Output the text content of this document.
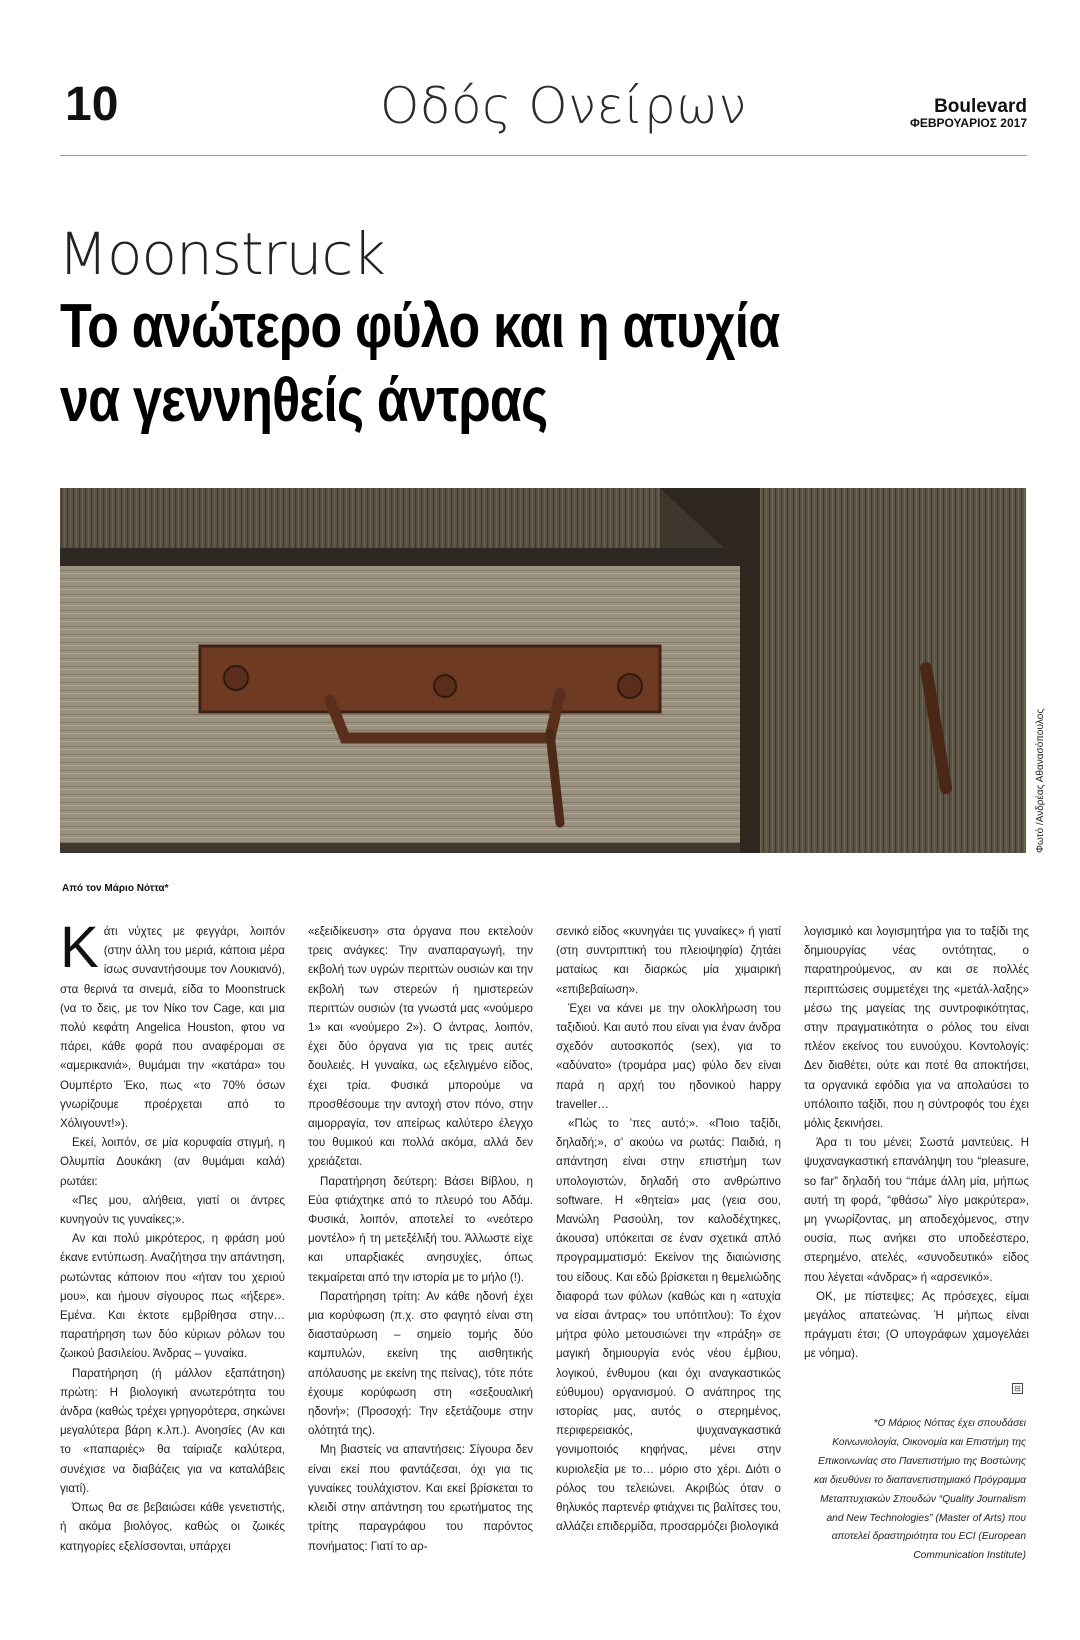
10	Οδός Ονείρων	Boulevard
ΦΕΒΡΟΥΑΡΙΟΣ 2017
Moonstruck
Το ανώτερο φύλο και η ατυχία να γεννηθείς άντρας
Φωτό /Ανδρέας Αθανασόπουλος
Από τον Μάριο Νόττα*

Κάτι νύχτες με φεγγάρι, λοιπόν (στην άλλη του μεριά, κάποια μέρα ίσως συναντήσουμε τον Λουκιανό), στα θερινά τα σινεμά, είδα το Moonstruck (να το δεις, με τον Νίκο τον Cage, και μια πολύ κεφάτη Angelica Houston, φτου να πάρει, κάθε φορά που αναφέρομαι σε «αμερικανιά», θυμάμαι την «κατάρα» του Ουμπέρτο Έκο, πως «το 70% όσων γνωρίζουμε προέρχεται από το Χόλιγουντ!»).

Εκεί, λοιπόν, σε μία κορυφαία στιγμή, η Ολυμπία Δουκάκη (αν θυμάμαι καλά) ρωτάει:

«Πες μου, αλήθεια, γιατί οι άντρες κυνηγούν τις γυναίκες;».

Αν και πολύ μικρότερος, η φράση μού έκανε εντύπωση. Αναζήτησα την απάντηση, ρωτώντας κάποιον που «ήταν του χεριού μου», και ήμουν σίγουρος πως «ήξερε». Εμένα. Και έκτοτε εμβρίθησα στην… παρατήρηση των δύο κύριων ρόλων του ζωικού βασιλείου. Άνδρας – γυναίκα.

Παρατήρηση (ή μάλλον εξαπάτηση) πρώτη: Η βιολογική ανωτερότητα του άνδρα (καθώς τρέχει γρηγορότερα, σηκώνει μεγαλύτερα βάρη κ.λπ.). Ανοησίες (Αν και το «παπαριές» θα ταίριαζε καλύτερα, συνέχισε να διαβάζεις για να καταλάβεις γιατί).

Όπως θα σε βεβαιώσει κάθε γενετιστής, ή ακόμα βιολόγος, καθώς οι ζωικές κατηγορίες εξελίσσονται, υπάρχει

«εξειδίκευση» στα όργανα που εκτελούν τρεις ανάγκες: Την αναπαραγωγή, την εκβολή των υγρών περιττών ουσιών και την εκβολή των στερεών ή ημιστερεών περιττών ουσιών (τα γνωστά μας «νούμερο 1» και «νούμερο 2»). Ο άντρας, λοιπόν, έχει δύο όργανα για τις τρεις αυτές δουλειές. Η γυναίκα, ως εξελιγμένο είδος, έχει τρία. Φυσικά μπορούμε να προσθέσουμε την αντοχή στον πόνο, στην αιμορραγία, τον απείρως καλύτερο έλεγχο του θυμικού και πολλά ακόμα, αλλά δεν χρειάζεται.

Παρατήρηση δεύτερη: Βάσει Βίβλου, η Εύα φτιάχτηκε από το πλευρό του Αδάμ. Φυσικά, λοιπόν, αποτελεί το «νεότερο μοντέλο» ή τη μετεξέλιξή του. Άλλωστε είχε και υπαρξιακές ανησυχίες, όπως τεκμαίρεται από την ιστορία με το μήλο (!).

Παρατήρηση τρίτη: Αν κάθε ηδονή έχει μια κορύφωση (π.χ. στο φαγητό είναι στη διασταύρωση – σημείο τομής δύο καμπυλών, εκείνη της αισθητικής απόλαυσης με εκείνη της πείνας), τότε πότε έχουμε κορύφωση στη «σεξουαλική ηδονή»; (Προσοχή: Την εξετάζουμε στην ολότητά της).

Μη βιαστείς να απαντήσεις: Σίγουρα δεν είναι εκεί που φαντάζεσαι, όχι για τις γυναίκες τουλάχιστον. Και εκεί βρίσκεται το κλειδί στην απάντηση του ερωτήματος της τρίτης παραγράφου του παρόντος πονήματος: Γιατί το αρ-

σενικό είδος «κυνηγάει τις γυναίκες» ή γιατί (στη συντριπτική του πλειοψηφία) ζητάει ματαίως και διαρκώς μία χιμαιρική «επιβεβαίωση».

Έχει να κάνει με την ολοκλήρωση του ταξιδιού. Και αυτό που είναι για έναν άνδρα σχεδόν αυτοσκοπός (sex), για το «αδύνατο» (τρομάρα μας) φύλο δεν είναι παρά η αρχή του ηδονικού happy traveller…

«Πώς το ’πες αυτό;». «Ποιο ταξίδι, δηλαδή;», σ’ ακούω να ρωτάς: Παιδιά, η απάντηση είναι στην επιστήμη των υπολογιστών, δηλαδή στο ανθρώπινο software. Η «θητεία» μας (γεια σου, Μανώλη Ρασούλη, τον καλοδέχτηκες, άκουσα) υπόκειται σε έναν σχετικά απλό προγραμματισμό: Εκείνον της διαιώνισης του είδους. Και εδώ βρίσκεται η θεμελιώδης διαφορά των φύλων (καθώς και η «ατυχία να είσαι άντρας» του υπότιτλου): Το έχον μήτρα φύλο μετουσιώνει την «πράξη» σε μαγική δημιουργία ενός νέου έμβιου, λογικού, ένθυμου (και όχι αναγκαστικώς εύθυμου) οργανισμού. Ο ανάπηρος της ιστορίας μας, αυτός ο στερημένος, περιφερειακός, ψυχαναγκαστικά γονιμοποιός κηφήνας, μένει στην κυριολεξία με το… μόριο στο χέρι. Διότι ο ρόλος του τελειώνει. Ακριβώς όταν ο θηλυκός παρτενέρ φτιάχνει τις βαλίτσες του, αλλάζει επιδερμίδα, προσαρμόζει βιολογικά

λογισμικό και λογισμητήρα για το ταξίδι της δημιουργίας νέας οντότητας, ο παρατηρούμενος, αν και σε πολλές περιπτώσεις συμμετέχει της «μετάλ-λαξης» μέσω της μαγείας της συντροφικότητας, στην πραγματικότητα ο ρόλος του είναι πλέον εκείνος του ευνούχου. Κοντολογίς: Δεν διαθέτει, ούτε και ποτέ θα αποκτήσει, τα οργανικά εφόδια για να απολαύσει το υπόλοιπο ταξίδι, που η σύντροφός του έχει μόλις ξεκινήσει.

Άρα τι του μένει; Σωστά μαντεύεις. Η ψυχαναγκαστική επανάληψη του “pleasure, so far” δηλαδή του “πάμε άλλη μία, μήπως αυτή τη φορά, “φθάσω” λίγο μακρύτερα», μη γνωρίζοντας, μη αποδεχόμενος, στην ουσία, πως ανήκει στο υποδεέστερο, στερημένο, ατελές, «συνοδευτικό» είδος που λέγεται «άνδρας» ή «αρσενικό».

ΟΚ, με πίστεψες; Ας πρόσεχες, είμαι μεγάλος απατεώνας. Ή μήπως είναι πράγματι έτσι; (Ο υπογράφων χαμογελάει με νόημα).

⊟

*Ο Μάριος Νόττας έχει σπουδάσει Κοινωνιολογία, Οικονομία και Επιστήμη της Επικοινωνίας στο Πανεπιστήμιο της Βοστώνης και διευθύνει το διαπανεπιστημιακό Πρόγραμμα Μεταπτυχιακών Σπουδών “Quality Journalism and New Technologies” (Master of Arts) που αποτελεί δραστηριότητα του ECI (European Communication Institute)
